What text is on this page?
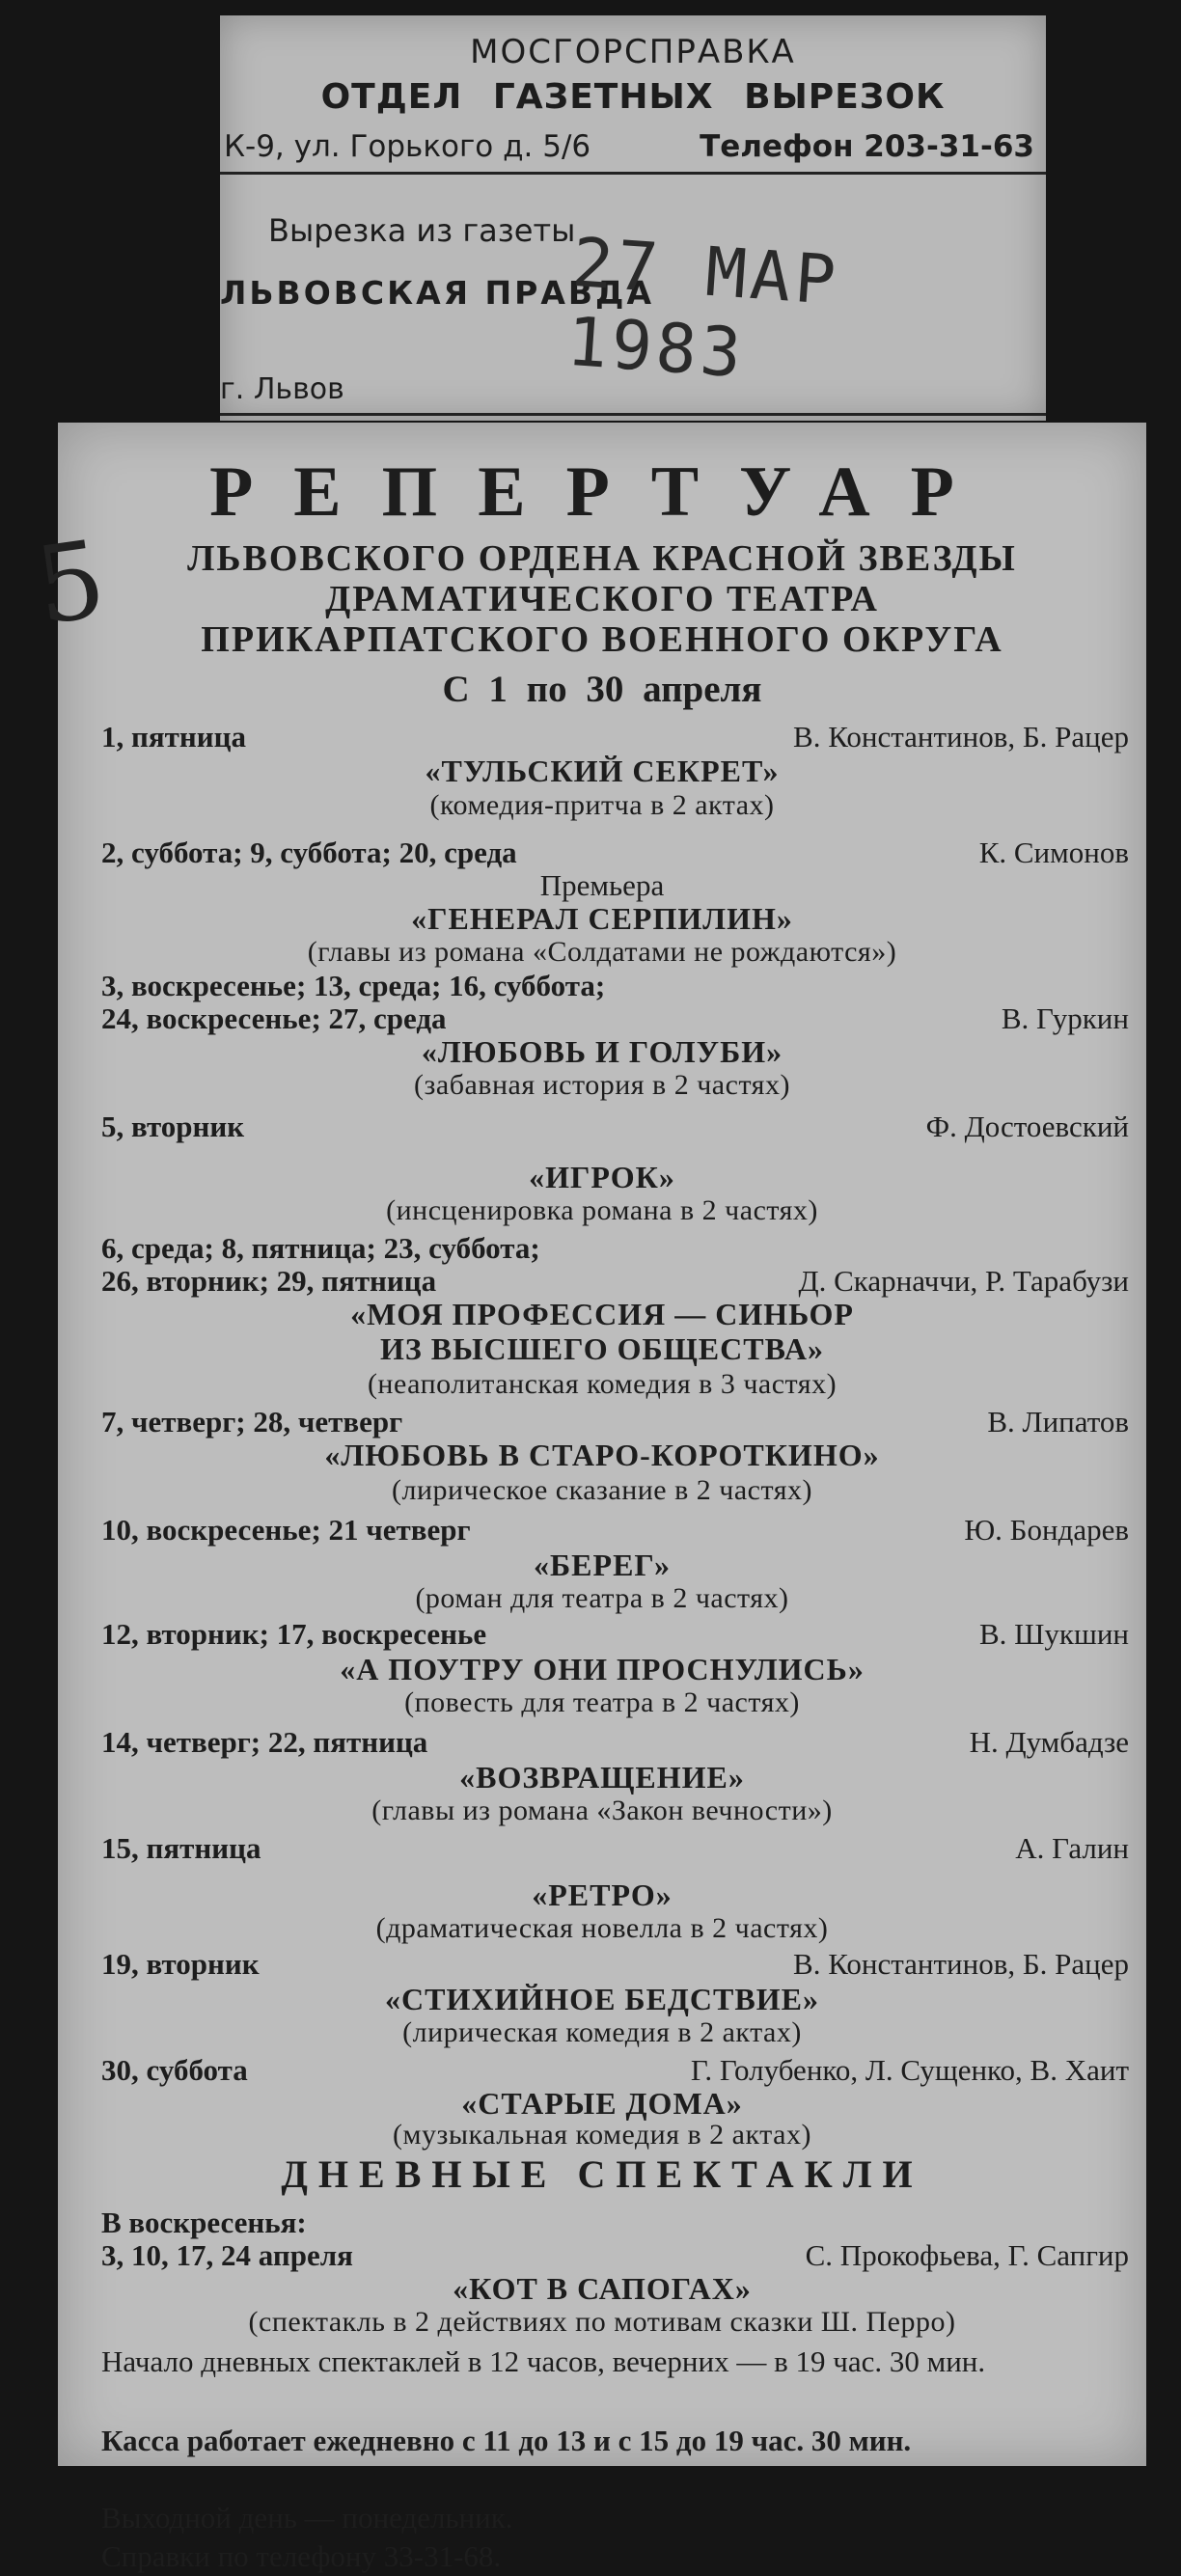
МОСГОРСПРАВКА
ОТДЕЛ ГАЗЕТНЫХ ВЫРЕЗОК
К-9, ул. Горького д. 5/6	Телефон 203-31-63
Вырезка из газеты
ЛЬВОВСКАЯ ПРАВДА
27 МАР 1983
г. Львов
РЕПЕРТУАР
ЛЬВОВСКОГО ОРДЕНА КРАСНОЙ ЗВЕЗДЫ
ДРАМАТИЧЕСКОГО ТЕАТРА
ПРИКАРПАТСКОГО ВОЕННОГО ОКРУГА
С 1 по 30 апреля
1, пятница	В. Константинов, Б. Рацер
«ТУЛЬСКИЙ СЕКРЕТ»
(комедия-притча в 2 актах)
2, суббота; 9, суббота; 20, среда	К. Симонов
Премьера
«ГЕНЕРАЛ СЕРПИЛИН»
(главы из романа «Солдатами не рождаются»)
3, воскресенье; 13, среда; 16, суббота;
24, воскресенье; 27, среда	В. Гуркин
«ЛЮБОВЬ И ГОЛУБИ»
(забавная история в 2 частях)
5, вторник	Ф. Достоевский
«ИГРОК»
(инсценировка романа в 2 частях)
6, среда; 8, пятница; 23, суббота;
26, вторник; 29, пятница	Д. Скарначчи, Р. Тарабузи
«МОЯ ПРОФЕССИЯ — СИНЬОР
ИЗ ВЫСШЕГО ОБЩЕСТВА»
(неаполитанская комедия в 3 частях)
7, четверг; 28, четверг	В. Липатов
«ЛЮБОВЬ В СТАРО-КОРОТКИНО»
(лирическое сказание в 2 частях)
10, воскресенье; 21 четверг	Ю. Бондарев
«БЕРЕГ»
(роман для театра в 2 частях)
12, вторник; 17, воскресенье	В. Шукшин
«А ПОУТРУ ОНИ ПРОСНУЛИСЬ»
(повесть для театра в 2 частях)
14, четверг; 22, пятница	Н. Думбадзе
«ВОЗВРАЩЕНИЕ»
(главы из романа «Закон вечности»)
15, пятница	А. Галин
«РЕТРО»
(драматическая новелла в 2 частях)
19, вторник	В. Константинов, Б. Рацер
«СТИХИЙНОЕ БЕДСТВИЕ»
(лирическая комедия в 2 актах)
30, суббота	Г. Голубенко, Л. Сущенко, В. Хаит
«СТАРЫЕ ДОМА»
(музыкальная комедия в 2 актах)
ДНЕВНЫЕ СПЕКТАКЛИ
В воскресенья:
3, 10, 17, 24 апреля	С. Прокофьева, Г. Сапгир
«КОТ В САПОГАХ»
(спектакль в 2 действиях по мотивам сказки Ш. Перро)
Начало дневных спектаклей в 12 часов, вечерних — в 19 час. 30 мин.
Касса работает ежедневно с 11 до 13 и с 15 до 19 час. 30 мин.
Выходной день — понедельник.
Справки по телефону 33-31-68.
5
